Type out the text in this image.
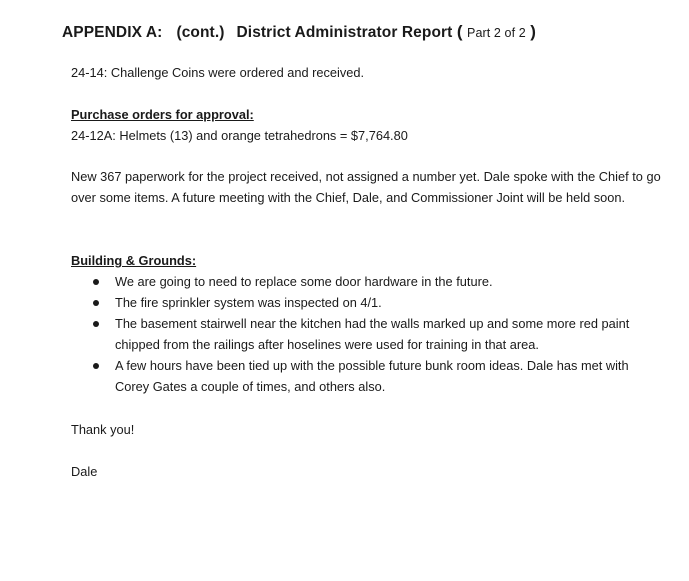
APPENDIX A: (cont.) District Administrator Report ( Part 2 of 2 )
24-14: Challenge Coins were ordered and received.
Purchase orders for approval:
24-12A: Helmets (13) and orange tetrahedrons = $7,764.80
New 367 paperwork for the project received, not assigned a number yet. Dale spoke with the Chief to go over some items. A future meeting with the Chief, Dale, and Commissioner Joint will be held soon.
Building & Grounds:
We are going to need to replace some door hardware in the future.
The fire sprinkler system was inspected on 4/1.
The basement stairwell near the kitchen had the walls marked up and some more red paint chipped from the railings after hoselines were used for training in that area.
A few hours have been tied up with the possible future bunk room ideas. Dale has met with Corey Gates a couple of times, and others also.
Thank you!
Dale
